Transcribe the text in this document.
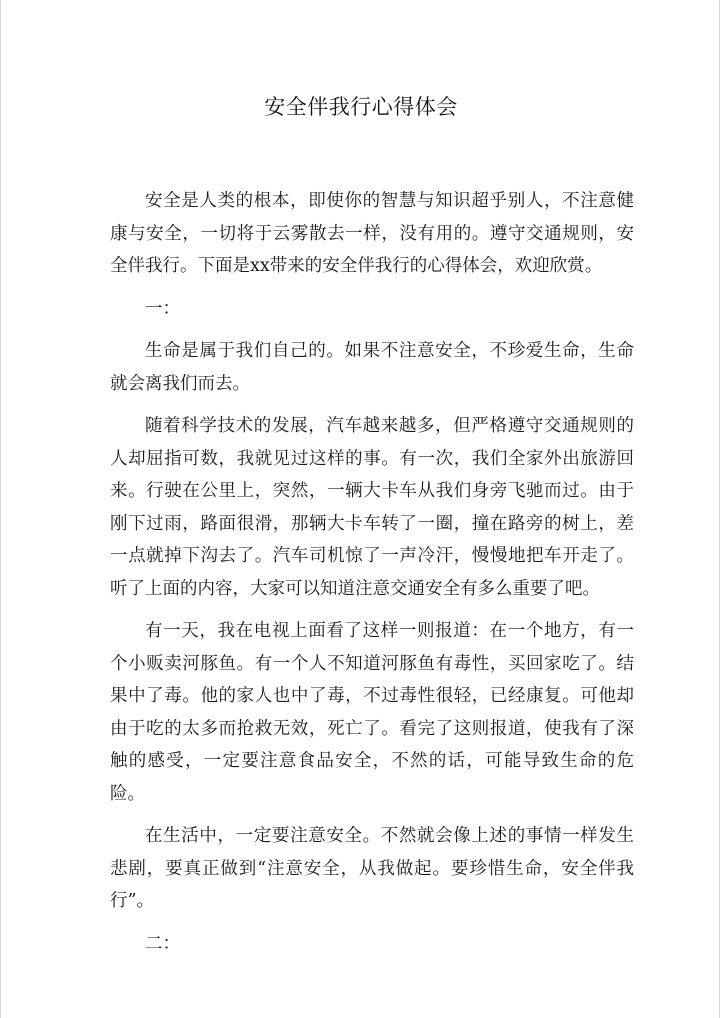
安全伴我行心得体会

安全是人类的根本，即使你的智慧与知识超乎别人，不注意健康与安全，一切将于云雾散去一样，没有用的。遵守交通规则，安全伴我行。下面是xx带来的安全伴我行的心得体会，欢迎欣赏。

一：

生命是属于我们自己的。如果不注意安全，不珍爱生命，生命就会离我们而去。

随着科学技术的发展，汽车越来越多，但严格遵守交通规则的人却屈指可数，我就见过这样的事。有一次，我们全家外出旅游回来。行驶在公里上，突然，一辆大卡车从我们身旁飞驰而过。由于刚下过雨，路面很滑，那辆大卡车转了一圈，撞在路旁的树上，差一点就掉下沟去了。汽车司机惊了一声冷汗，慢慢地把车开走了。听了上面的内容，大家可以知道注意交通安全有多么重要了吧。

有一天，我在电视上面看了这样一则报道：在一个地方，有一个小贩卖河豚鱼。有一个人不知道河豚鱼有毒性，买回家吃了。结果中了毒。他的家人也中了毒，不过毒性很轻，已经康复。可他却由于吃的太多而抢救无效，死亡了。看完了这则报道，使我有了深触的感受，一定要注意食品安全，不然的话，可能导致生命的危险。

在生活中，一定要注意安全。不然就会像上述的事情一样发生悲剧，要真正做到“注意安全，从我做起。要珍惜生命，安全伴我行”。

二：
